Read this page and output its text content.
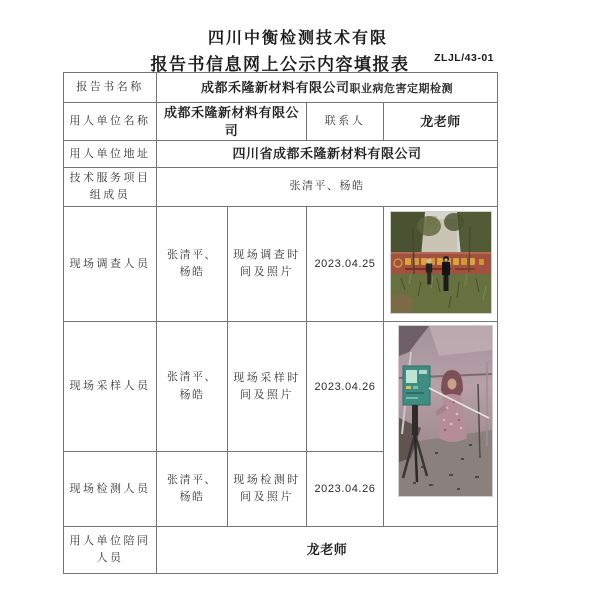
四川中衡检测技术有限
报告书信息网上公示内容填报表	ZLJL/43-01
报告书名称	成都禾隆新材料有限公司职业病危害定期检测			
用人单位名称	成都禾隆新材料有限公司		联系人	龙老师
用人单位地址	四川省成都禾隆新材料有限公司			
技术服务项目组成员	张清平、杨皓			
现场调查人员	张清平、杨皓	现场调查时间及照片	2023.04.25	

现场采样人员	张清平、杨皓	现场采样时间及照片	2023.04.26	

现场检测人员	张清平、杨皓	现场检测时间及照片	2023.04.26	
用人单位陪同人员	龙老师			
